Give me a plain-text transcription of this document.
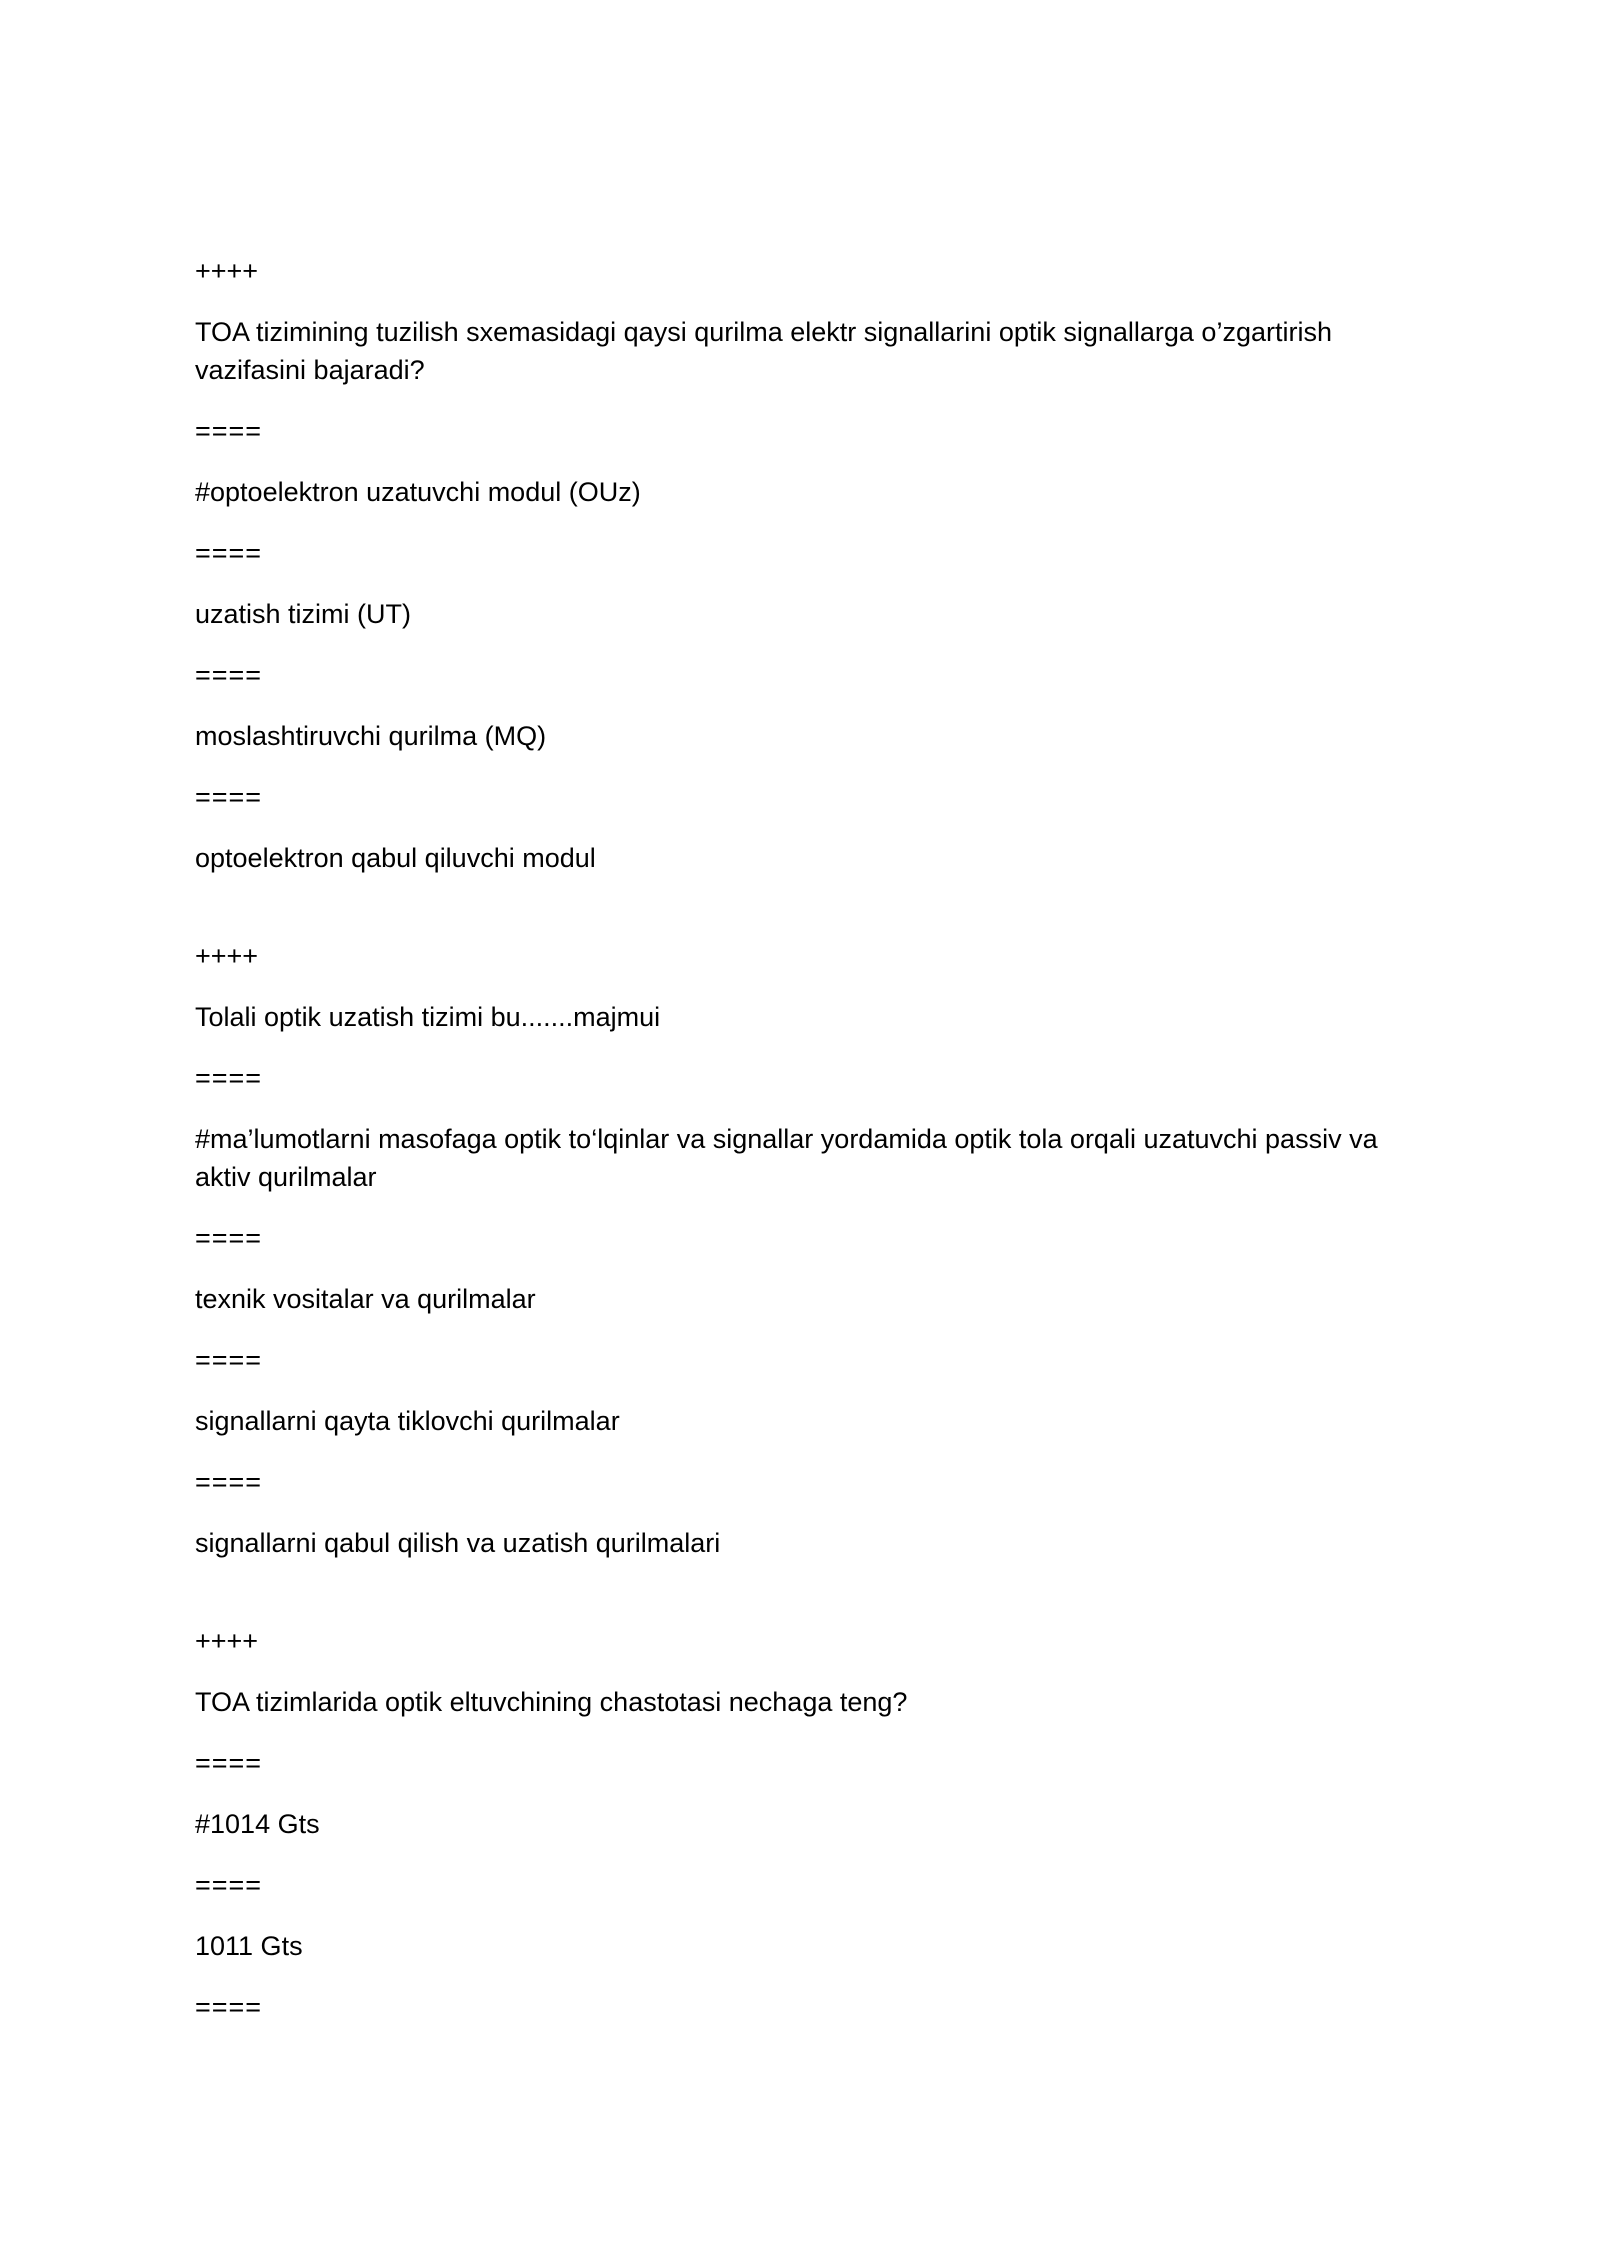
++++

TOA tizimining tuzilish sxemasidagi qaysi qurilma elektr signallarini optik signallarga o’zgartirish vazifasini bajaradi?

====

#optoelektron uzatuvchi modul (OUz)

====

uzatish tizimi (UT)

====

moslashtiruvchi qurilma (MQ)

====

optoelektron qabul qiluvchi modul

++++

Tolali optik uzatish tizimi bu.......majmui

====

#ma’lumotlarni masofaga optik to‘lqinlar va signallar yordamida optik tola orqali uzatuvchi passiv va aktiv qurilmalar

====

texnik vositalar va qurilmalar

====

signallarni qayta tiklovchi qurilmalar

====

signallarni qabul qilish va uzatish qurilmalari

++++

TOA tizimlarida optik eltuvchining chastotasi nechaga teng?

====

#1014 Gts

====

1011 Gts

====
